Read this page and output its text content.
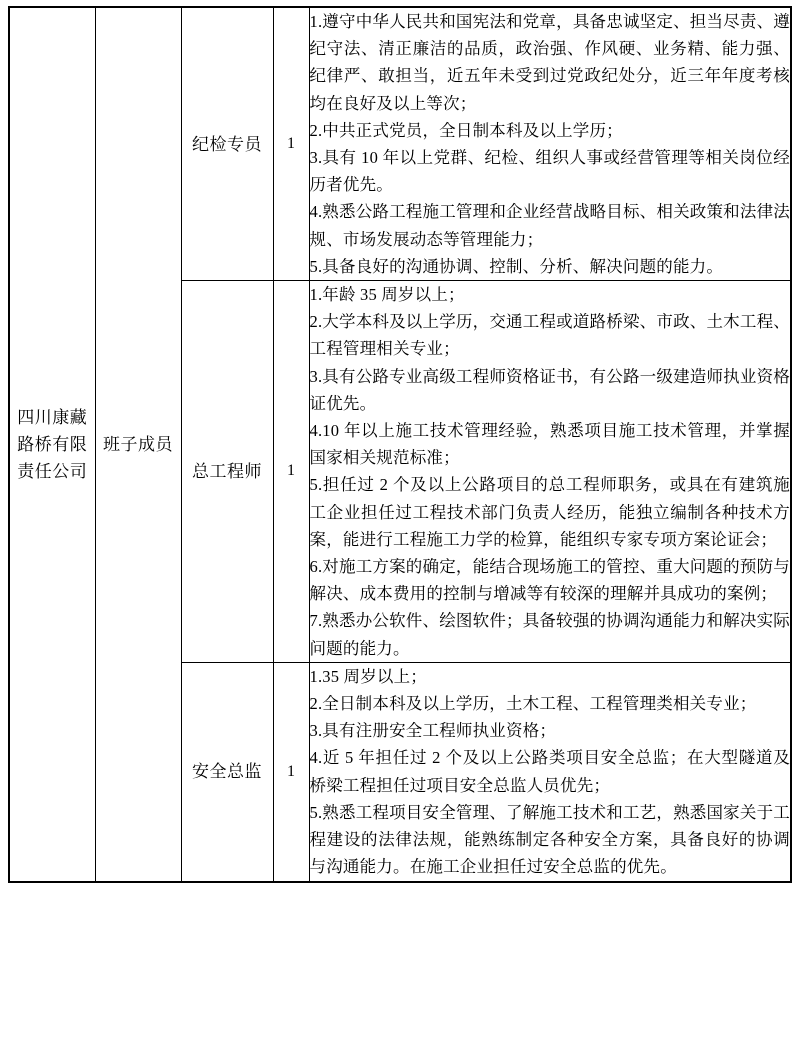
四川康藏路桥有限责任公司

班子成员

纪检专员	1	
1.遵守中华人民共和国宪法和党章，具备忠诚坚定、担当尽责、遵纪守法、清正廉洁的品质，政治强、作风硬、业务精、能力强、纪律严、敢担当，近五年未受到过党政纪处分，近三年年度考核均在良好及以上等次；
2.中共正式党员，全日制本科及以上学历；
3.具有 10 年以上党群、纪检、组织人事或经营管理等相关岗位经历者优先。
4.熟悉公路工程施工管理和企业经营战略目标、相关政策和法律法规、市场发展动态等管理能力；
5.具备良好的沟通协调、控制、分析、解决问题的能力。

总工程师	1	
1.年龄 35 周岁以上；
2.大学本科及以上学历，交通工程或道路桥梁、市政、土木工程、工程管理相关专业；
3.具有公路专业高级工程师资格证书，有公路一级建造师执业资格证优先。
4.10 年以上施工技术管理经验，熟悉项目施工技术管理，并掌握国家相关规范标准；
5.担任过 2 个及以上公路项目的总工程师职务，或具在有建筑施工企业担任过工程技术部门负责人经历，能独立编制各种技术方案，能进行工程施工力学的检算，能组织专家专项方案论证会；
6.对施工方案的确定，能结合现场施工的管控、重大问题的预防与解决、成本费用的控制与增减等有较深的理解并具成功的案例；
7.熟悉办公软件、绘图软件；具备较强的协调沟通能力和解决实际问题的能力。

安全总监	1	
1.35 周岁以上；
2.全日制本科及以上学历，土木工程、工程管理类相关专业；
3.具有注册安全工程师执业资格；
4.近 5 年担任过 2 个及以上公路类项目安全总监；在大型隧道及桥梁工程担任过项目安全总监人员优先；
5.熟悉工程项目安全管理、了解施工技术和工艺，熟悉国家关于工程建设的法律法规，能熟练制定各种安全方案，具备良好的协调与沟通能力。在施工企业担任过安全总监的优先。
